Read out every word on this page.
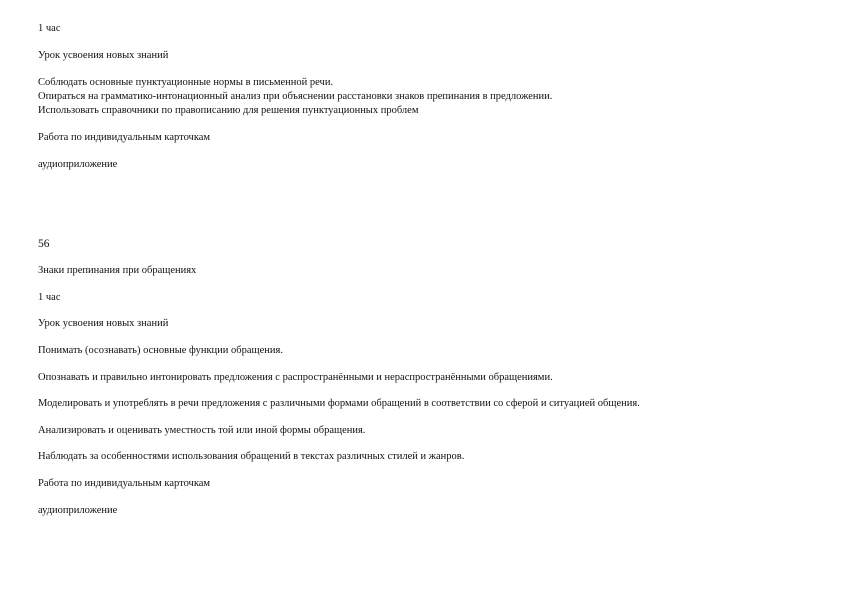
1 час
Урок усвоения новых знаний
Соблюдать основные пунктуационные нормы в письменной речи.
Опираться на грамматико-интонационный анализ при объяснении расстановки знаков препинания в предложении.
Использовать справочники по правописанию для решения пунктуационных проблем
Работа по индивидуальным карточкам
аудиоприложение
56
Знаки препинания при обращениях
1 час
Урок усвоения новых знаний
Понимать (осознавать) основные функции обращения.
Опознавать и правильно интонировать предложения с распространёнными и нераспространёнными обращениями.
Моделировать и употреблять в речи предложения с различными формами обращений в соответствии со сферой и ситуацией общения.
Анализировать и оценивать уместность той или иной формы обращения.
Наблюдать за особенностями использования обращений в текстах различных стилей и жанров.
Работа по индивидуальным карточкам
аудиоприложение
